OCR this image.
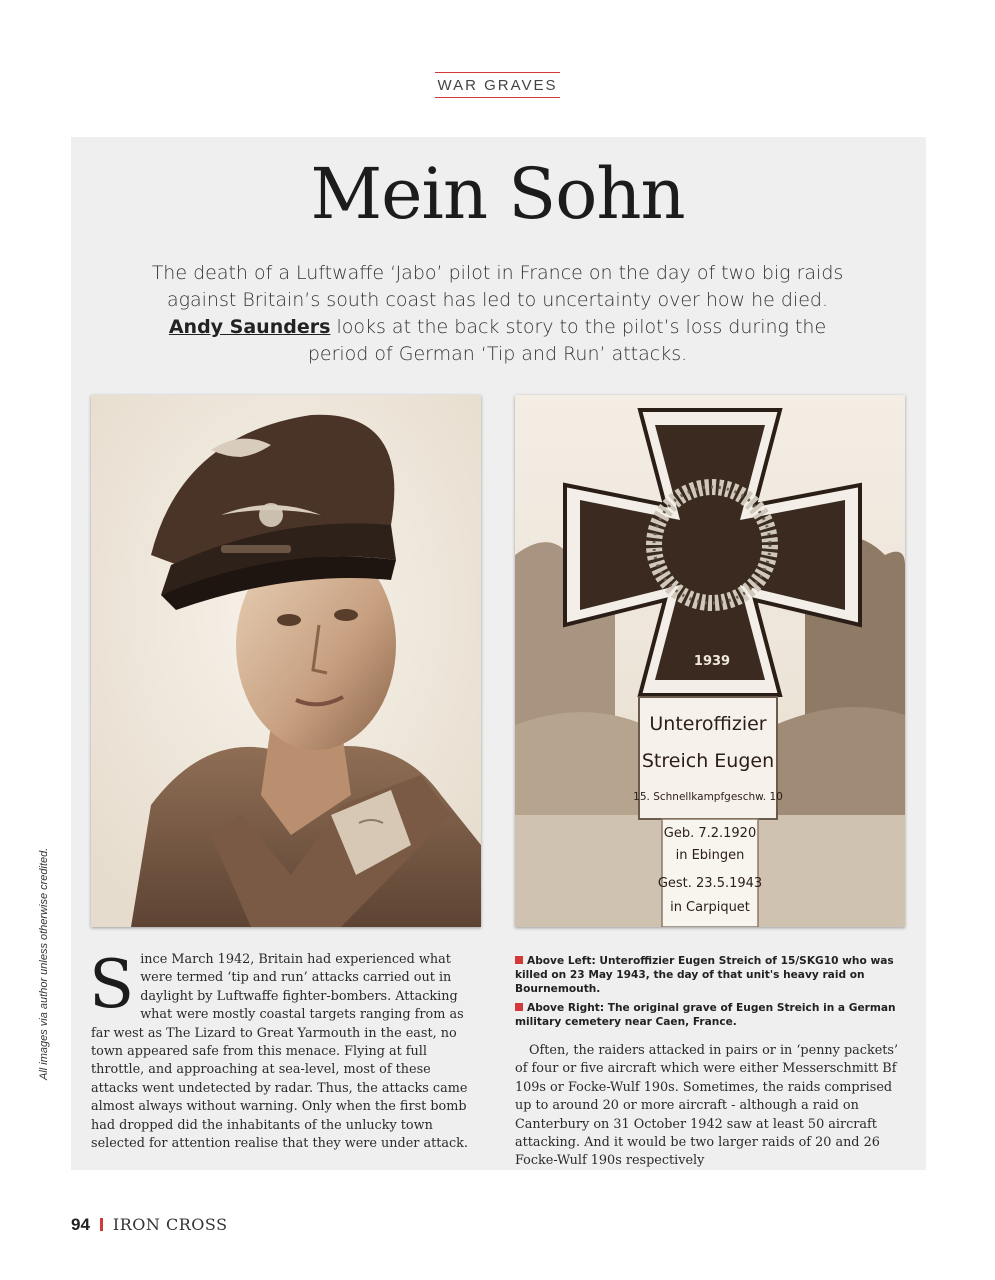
WAR GRAVES
Mein Sohn
The death of a Luftwaffe ‘Jabo’ pilot in France on the day of two big raids against Britain’s south coast has led to uncertainty over how he died. Andy Saunders looks at the back story to the pilot’s loss during the period of German ‘Tip and Run’ attacks.
1939
Unteroffizier
Streich Eugen
15. Schnellkampfgeschw. 10
Geb. 7.2.1920
in Ebingen
Gest. 23.5.1943
in Carpiquet
All images via author unless otherwise credited. Since March 1942, Britain had experienced what were termed ‘tip and run’ attacks carried out in daylight by Luftwaffe fighter-bombers. Attacking what were mostly coastal targets ranging from as far west as The Lizard to Great Yarmouth in the east, no town appeared safe from this menace. Flying at full throttle, and approaching at sea-level, most of these attacks went undetected by radar. Thus, the attacks came almost always without warning. Only when the first bomb had dropped did the inhabitants of the unlucky town selected for attention realise that they were under attack.
Above Left: Unteroffizier Eugen Streich of 15/SKG10 who was killed on 23 May 1943, the day of that unit's heavy raid on Bournemouth.
Above Right: The original grave of Eugen Streich in a German military cemetery near Caen, France.
Often, the raiders attacked in pairs or in ‘penny packets’ of four or five aircraft which were either Messerschmitt Bf 109s or Focke-Wulf 190s. Sometimes, the raids comprised up to around 20 or more aircraft - although a raid on Canterbury on 31 October 1942 saw at least 50 aircraft attacking. And it would be two larger raids of 20 and 26 Focke-Wulf 190s respectively
94 IRON CROSS
